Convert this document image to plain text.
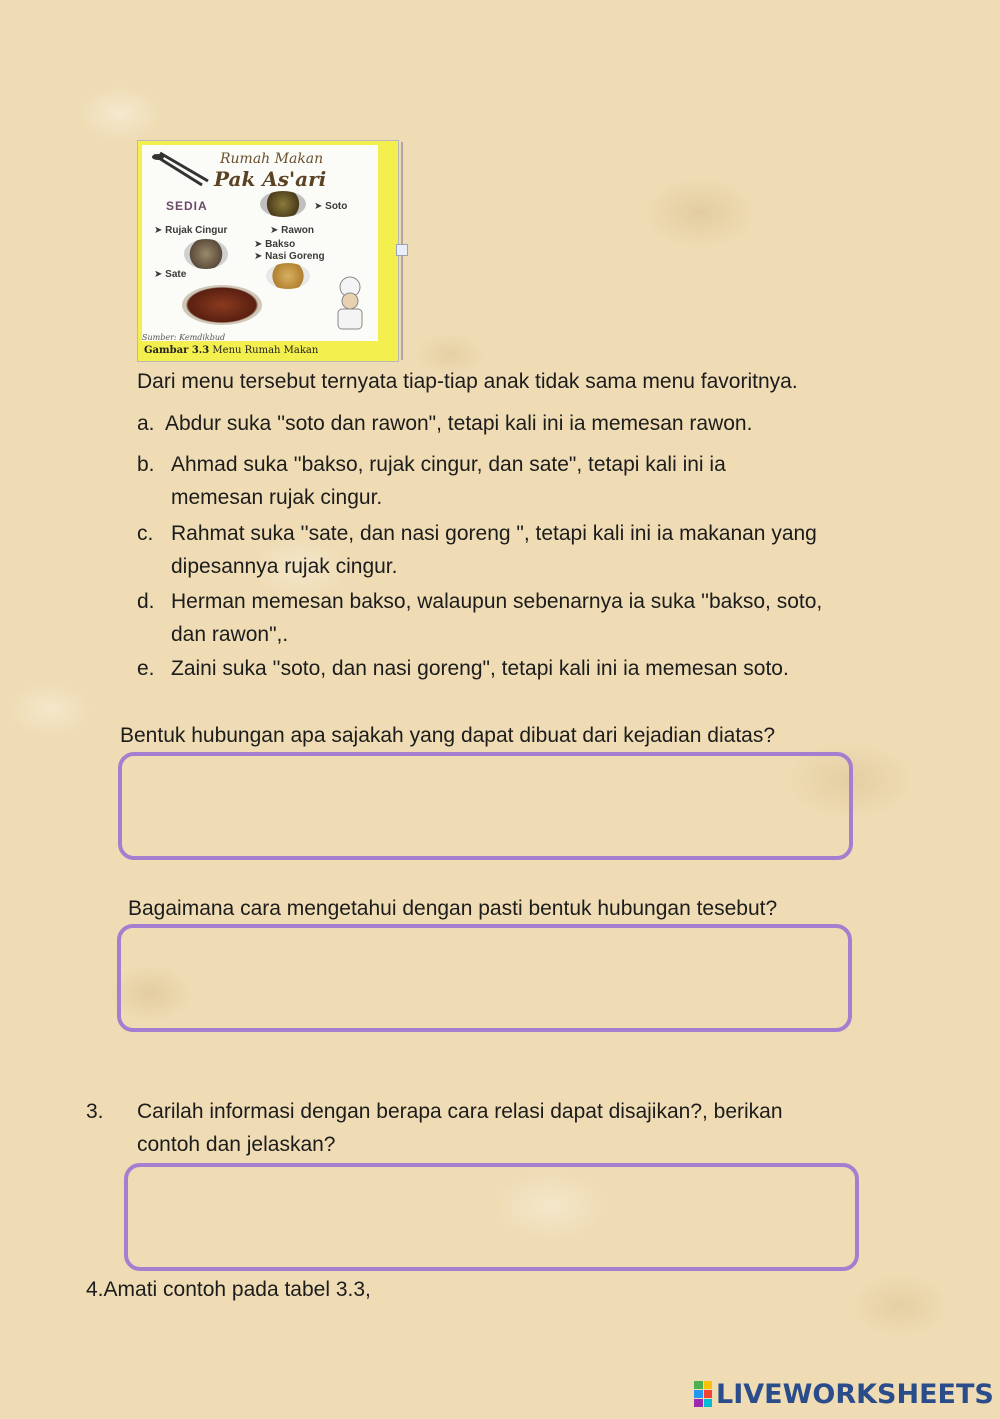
Rumah Makan
Pak As'ari
SEDIA	➤ Soto
➤ Rujak Cingur	➤ Rawon
➤ Bakso
➤ Nasi Goreng
➤ Sate
Sumber: Kemdikbud
Gambar 3.3 Menu Rumah Makan
Dari menu tersebut ternyata tiap-tiap anak tidak sama menu favoritnya.
a. Abdur suka ''soto dan rawon", tetapi kali ini ia memesan rawon.
b. Ahmad suka ''bakso, rujak cingur, dan sate", tetapi kali ini ia
memesan rujak cingur.
c. Rahmat suka ''sate, dan nasi goreng ", tetapi kali ini ia makanan yang
dipesannya rujak cingur.
d. Herman memesan bakso, walaupun sebenarnya ia suka ''bakso, soto,
dan rawon",.
e. Zaini suka ''soto, dan nasi goreng", tetapi kali ini ia memesan soto.
Bentuk hubungan apa sajakah yang dapat dibuat dari kejadian diatas?
Bagaimana cara mengetahui dengan pasti bentuk hubungan tesebut?
3. Carilah informasi dengan berapa cara relasi dapat disajikan?, berikan
contoh dan jelaskan?
4.Amati contoh pada tabel 3.3,
LIVEWORKSHEETS
